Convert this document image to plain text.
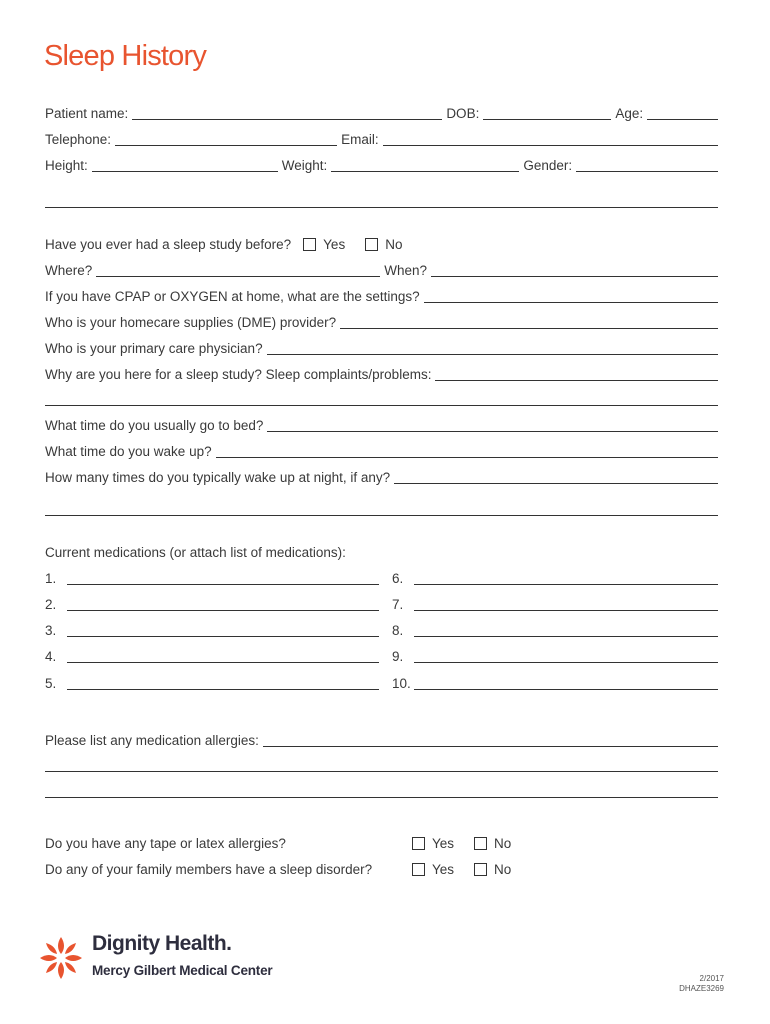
Sleep History
Patient name:	DOB:	Age:
Telephone:	Email:
Height:	Weight:	Gender:
Have you ever had a sleep study before?	Yes	No
Where?	When?
If you have CPAP or OXYGEN at home, what are the settings?
Who is your homecare supplies (DME) provider?
Who is your primary care physician?
Why are you here for a sleep study? Sleep complaints/problems:
What time do you usually go to bed?
What time do you wake up?
How many times do you typically wake up at night, if any?
Current medications (or attach list of medications):
1.
2.
3.
4.
5.
6.
7.
8.
9.
10.
Please list any medication allergies:
Do you have any tape or latex allergies?	Yes	No
Do any of your family members have a sleep disorder?	Yes	No
Dignity Health.
Mercy Gilbert Medical Center
2/2017
DHAZE3269
